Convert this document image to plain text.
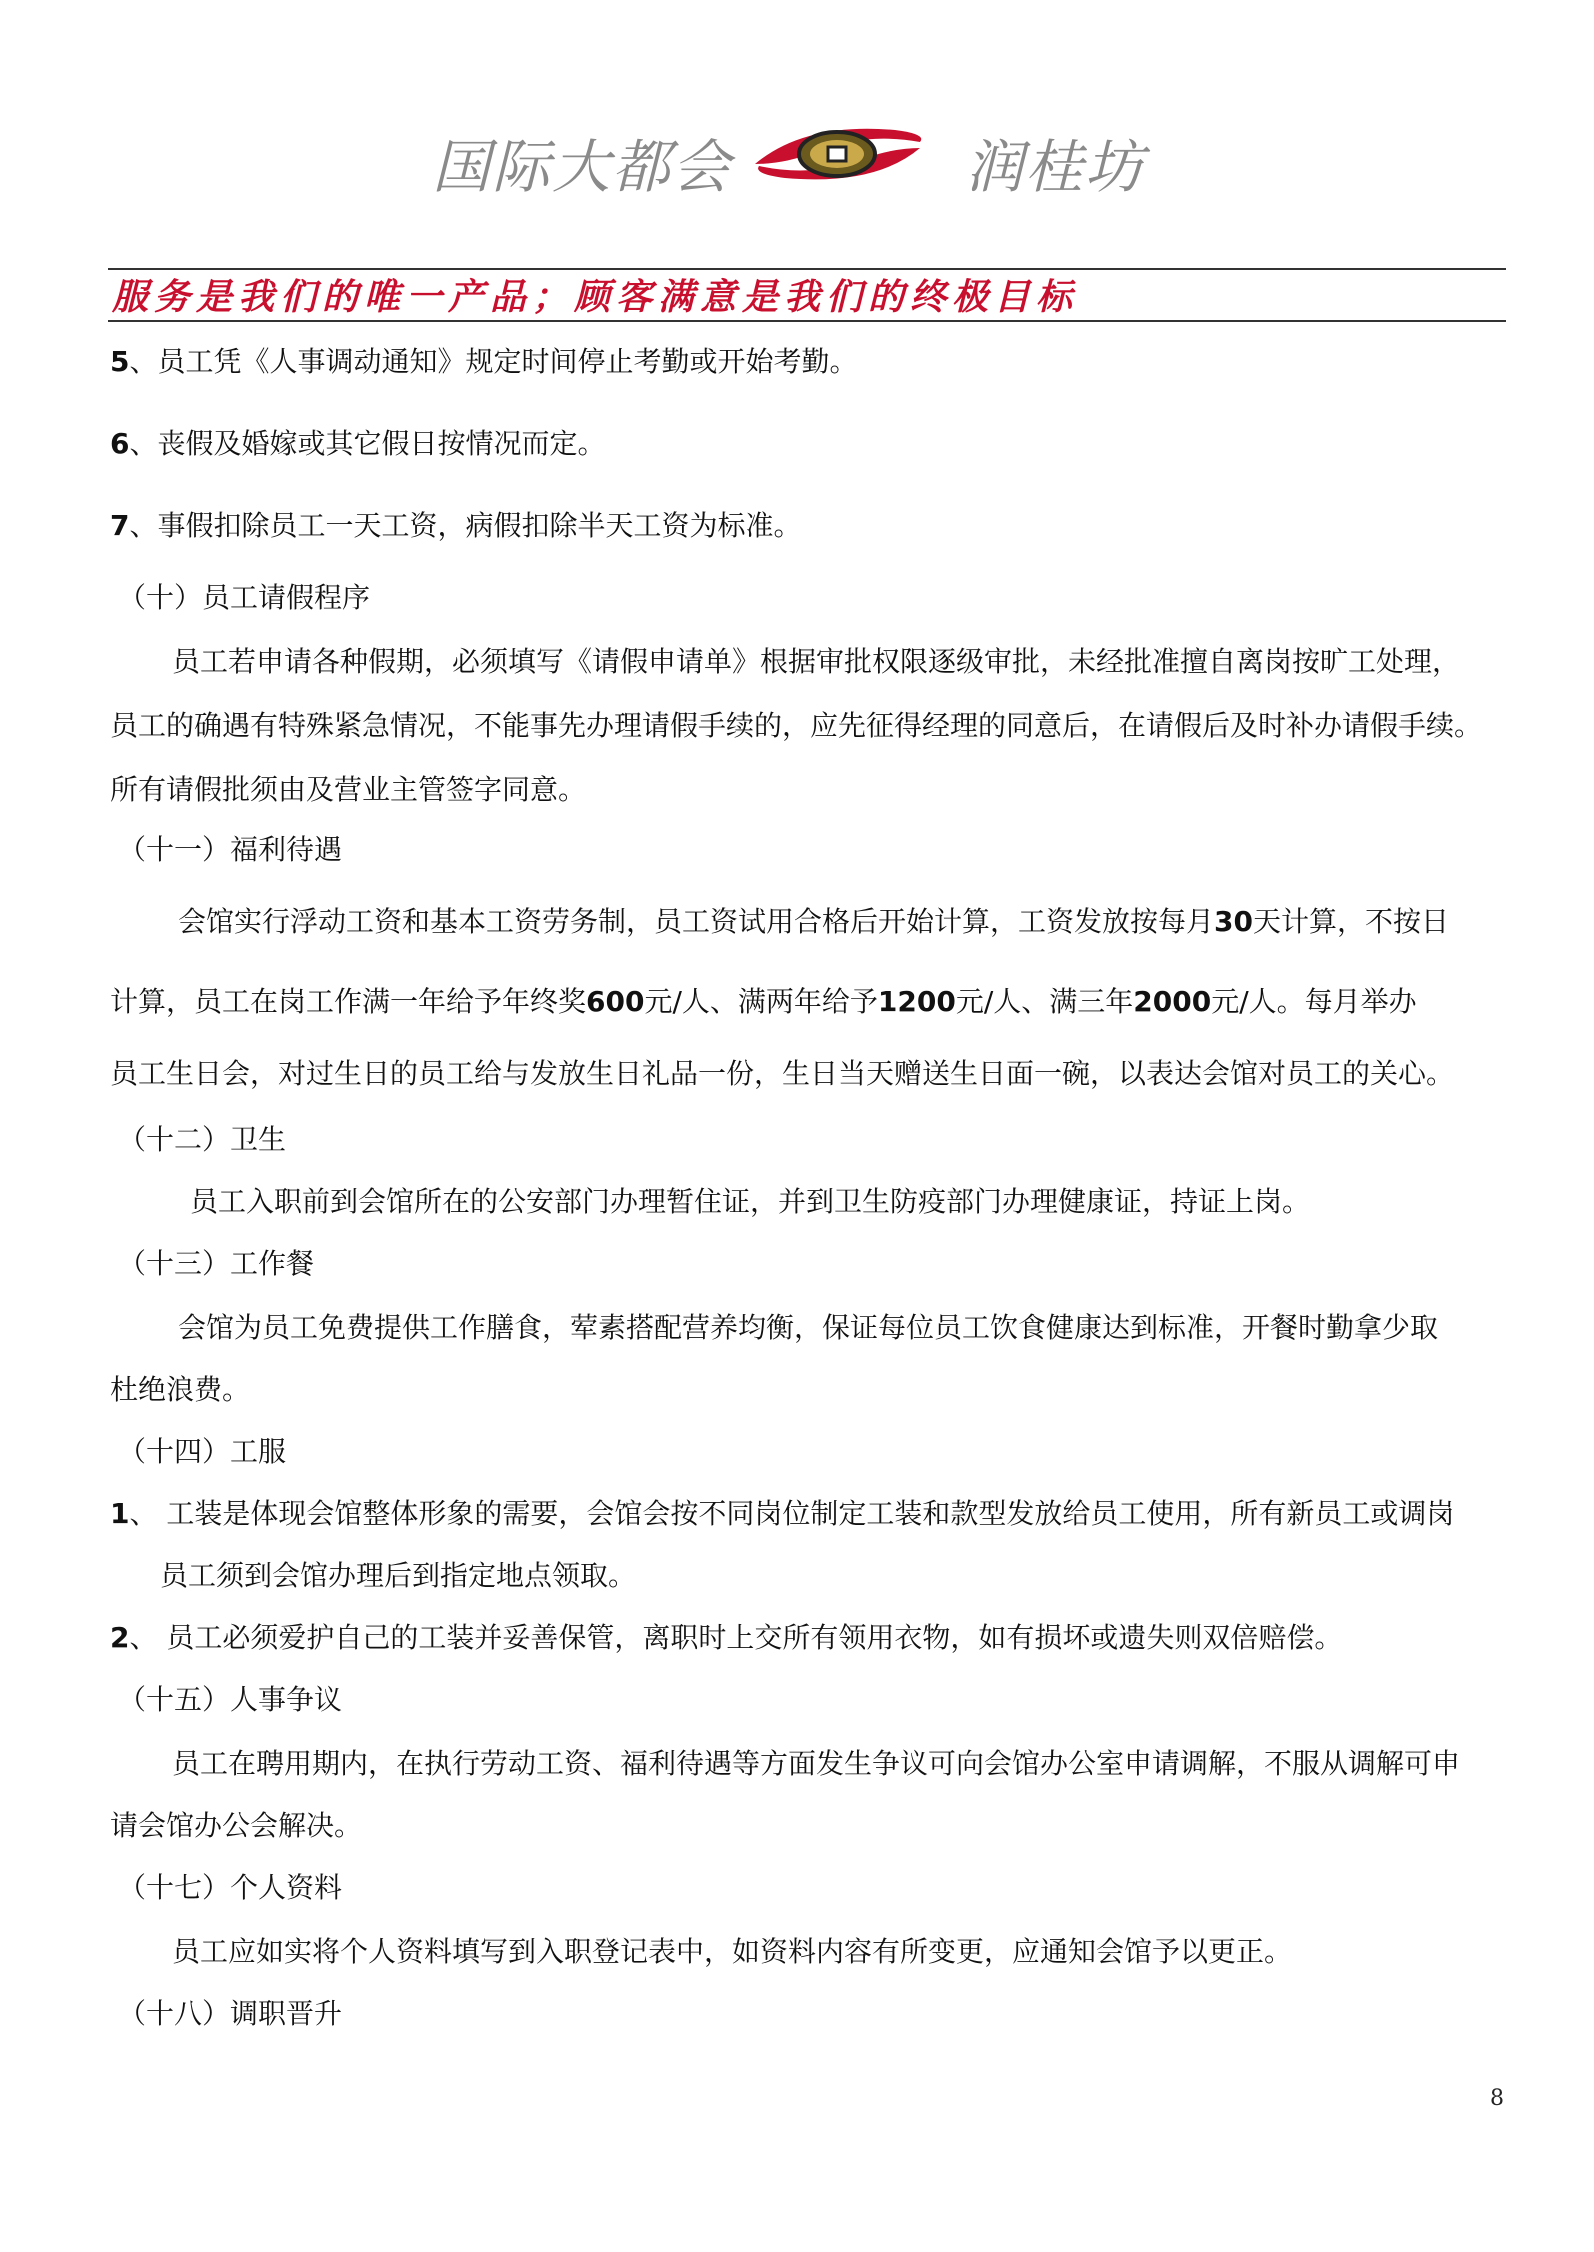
国际大都会	润桂坊
服务是我们的唯一产品；顾客满意是我们的终极目标
5、员工凭《人事调动通知》规定时间停止考勤或开始考勤。
6、丧假及婚嫁或其它假日按情况而定。
7、事假扣除员工一天工资，病假扣除半天工资为标准。
（十）员工请假程序
员工若申请各种假期，必须填写《请假申请单》根据审批权限逐级审批，未经批准擅自离岗按旷工处理，
员工的确遇有特殊紧急情况，不能事先办理请假手续的，应先征得经理的同意后，在请假后及时补办请假手续。
所有请假批须由及营业主管签字同意。
（十一）福利待遇
会馆实行浮动工资和基本工资劳务制，员工资试用合格后开始计算，工资发放按每月30天计算，不按日
计算，员工在岗工作满一年给予年终奖600元/人、满两年给予1200元/人、满三年2000元/人。每月举办
员工生日会，对过生日的员工给与发放生日礼品一份，生日当天赠送生日面一碗，以表达会馆对员工的关心。
（十二）卫生
员工入职前到会馆所在的公安部门办理暂住证，并到卫生防疫部门办理健康证，持证上岗。
（十三）工作餐
会馆为员工免费提供工作膳食，荤素搭配营养均衡，保证每位员工饮食健康达到标准，开餐时勤拿少取
杜绝浪费。
（十四）工服
1、 工装是体现会馆整体形象的需要，会馆会按不同岗位制定工装和款型发放给员工使用，所有新员工或调岗
员工须到会馆办理后到指定地点领取。
2、 员工必须爱护自己的工装并妥善保管，离职时上交所有领用衣物，如有损坏或遗失则双倍赔偿。
（十五）人事争议
员工在聘用期内，在执行劳动工资、福利待遇等方面发生争议可向会馆办公室申请调解，不服从调解可申
请会馆办公会解决。
（十七）个人资料
员工应如实将个人资料填写到入职登记表中，如资料内容有所变更，应通知会馆予以更正。
（十八）调职晋升
8
